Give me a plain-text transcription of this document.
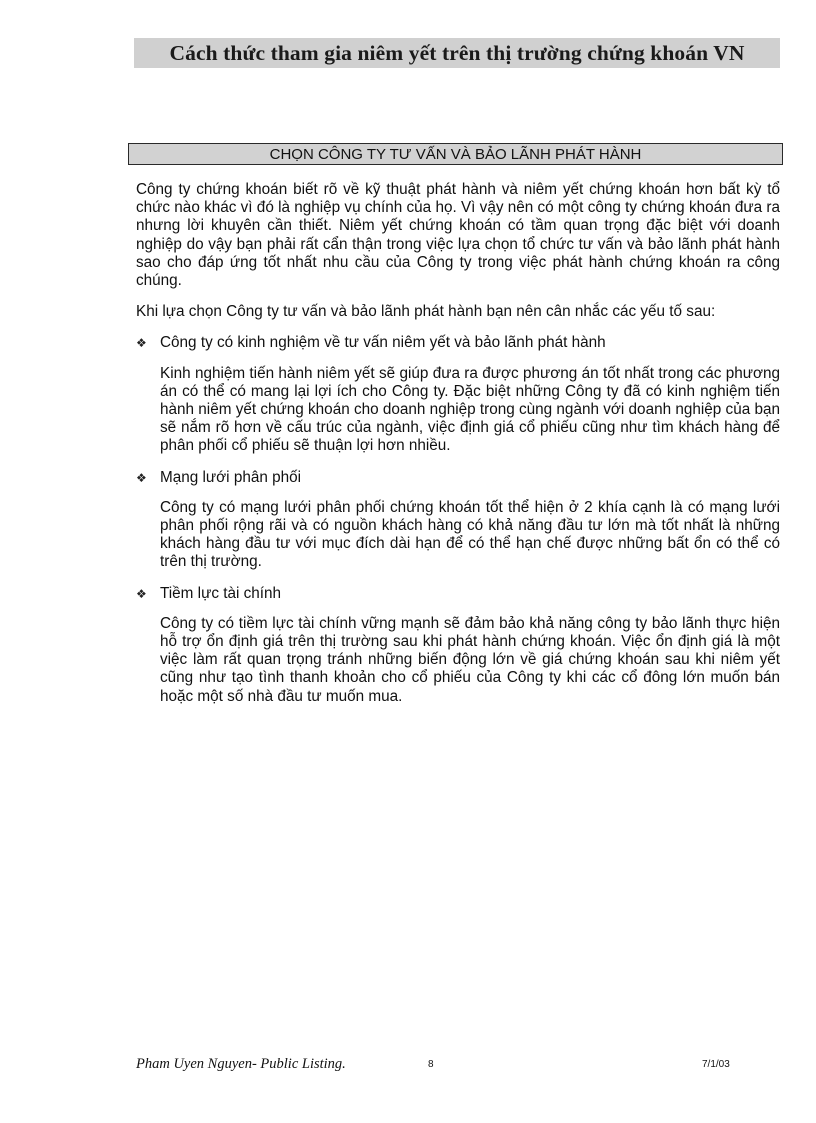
Cách thức tham gia niêm yết trên thị trường chứng khoán VN
CHỌN CÔNG TY TƯ VẤN VÀ BẢO LÃNH PHÁT HÀNH

Công ty chứng khoán biết rõ về kỹ thuật phát hành và niêm yết chứng khoán hơn bất kỳ tổ chức nào khác vì đó là nghiệp vụ chính của họ. Vì vậy nên có một công ty chứng khoán đưa ra nhưng lời khuyên cần thiết. Niêm yết chứng khoán có tầm quan trọng đặc biệt với doanh nghiệp do vậy bạn phải rất cẩn thận trong việc lựa chọn tổ chức tư vấn và bảo lãnh phát hành sao cho đáp ứng tốt nhất nhu cầu của Công ty trong việc phát hành chứng khoán ra công chúng.

Khi lựa chọn Công ty tư vấn và bảo lãnh phát hành bạn nên cân nhắc các yếu tố sau:

❖ Công ty có kinh nghiệm về tư vấn niêm yết và bảo lãnh phát hành

Kinh nghiệm tiến hành niêm yết sẽ giúp đưa ra được phương án tốt nhất trong các phương án có thể có mang lại lợi ích cho Công ty. Đặc biệt những Công ty đã có kinh nghiệm tiến hành niêm yết chứng khoán cho doanh nghiệp trong cùng ngành với doanh nghiệp của bạn sẽ nắm rõ hơn về cấu trúc của ngành, việc định giá cổ phiếu cũng như tìm khách hàng để phân phối cổ phiếu sẽ thuận lợi hơn nhiều.

❖ Mạng lưới phân phối

Công ty có mạng lưới phân phối chứng khoán tốt thể hiện ở 2 khía cạnh là có mạng lưới phân phối rộng rãi và có nguồn khách hàng có khả năng đầu tư lớn mà tốt nhất là những khách hàng đầu tư với mục đích dài hạn để có thể hạn chế được những bất ổn có thể có trên thị trường.

❖ Tiềm lực tài chính

Công ty có tiềm lực tài chính vững mạnh sẽ đảm bảo khả năng công ty bảo lãnh thực hiện hỗ trợ ổn định giá trên thị trường sau khi phát hành chứng khoán. Việc ổn định giá là một việc làm rất quan trọng tránh những biến động lớn về giá chứng khoán sau khi niêm yết cũng như tạo tình thanh khoản cho cổ phiếu của Công ty khi các cổ đông lớn muốn bán hoặc một số nhà đầu tư muốn mua.

Pham Uyen Nguyen- Public Listing.	8	7/1/03
